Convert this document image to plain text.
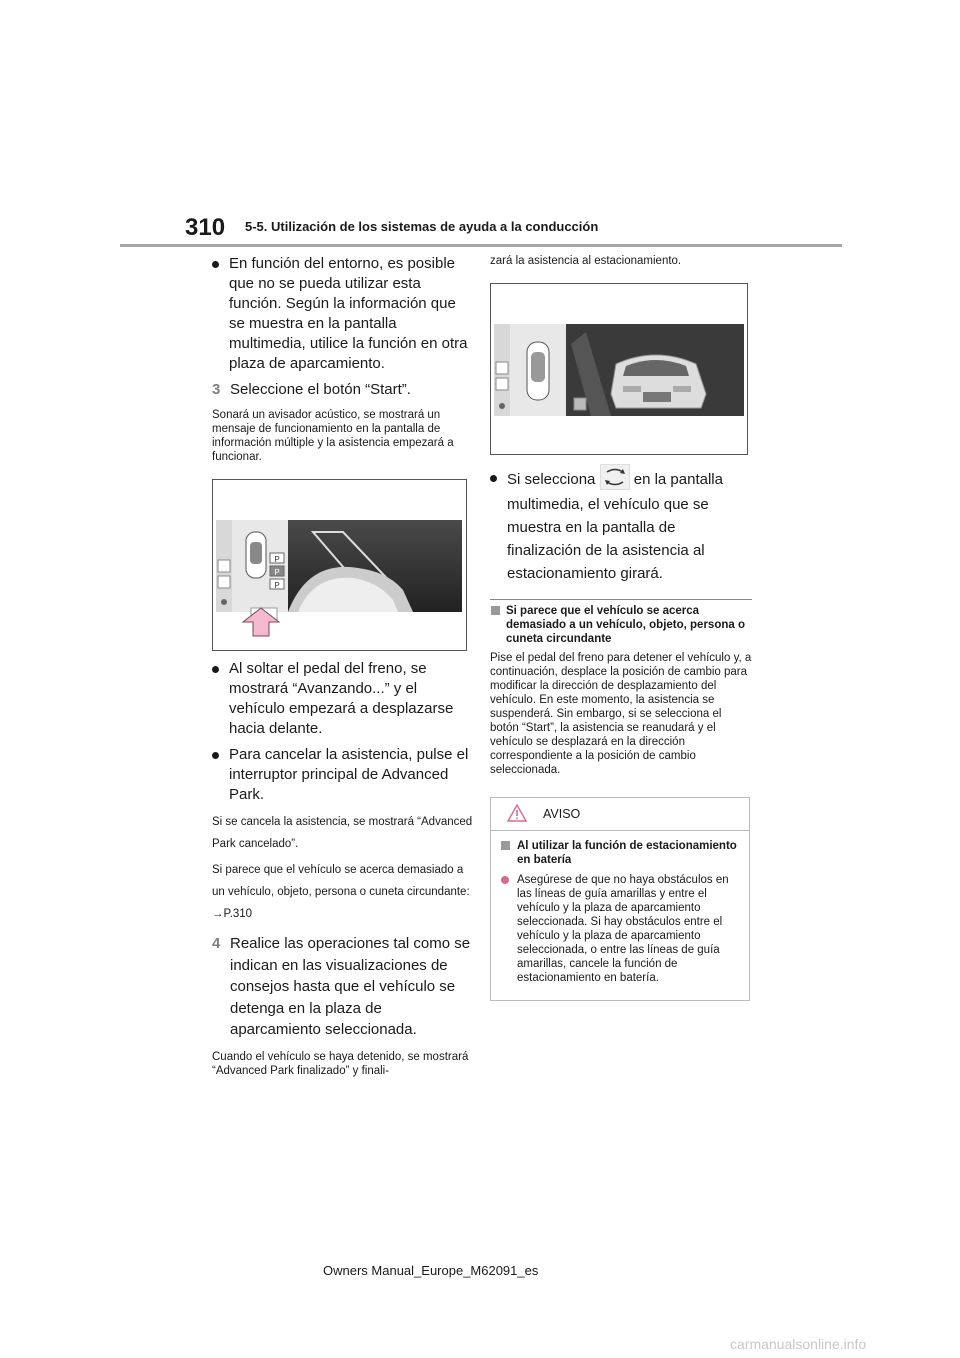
310 5-5. Utilización de los sistemas de ayuda a la conducción

En función del entorno, es posible que no se pueda utilizar esta función. Según la información que se muestra en la pantalla multimedia, utilice la función en otra plaza de aparcamiento.

3 Seleccione el botón “Start”.

Sonará un avisador acústico, se mostrará un mensaje de funcionamiento en la pantalla de información múltiple y la asistencia empezará a funcionar.

P
P
P

Al soltar el pedal del freno, se mostrará “Avanzando...” y el vehículo empezará a desplazarse hacia delante.

Para cancelar la asistencia, pulse el interruptor principal de Advanced Park.

Si se cancela la asistencia, se mostrará “Advanced Park cancelado”.

Si parece que el vehículo se acerca demasiado a un vehículo, objeto, persona o cuneta circundante: →P.310

4 Realice las operaciones tal como se indican en las visualizaciones de consejos hasta que el vehículo se detenga en la plaza de aparcamiento seleccionada.

Cuando el vehículo se haya detenido, se mostrará “Advanced Park finalizado” y finali-

zará la asistencia al estacionamiento.

Si selecciona	en la pantalla multimedia, el vehículo que se muestra en la pantalla de finalización de la asistencia al estacionamiento girará.

Si parece que el vehículo se acerca demasiado a un vehículo, objeto, persona o cuneta circundante

Pise el pedal del freno para detener el vehículo y, a continuación, desplace la posición de cambio para modificar la dirección de desplazamiento del vehículo. En este momento, la asistencia se suspenderá. Sin embargo, si se selecciona el botón “Start”, la asistencia se reanudará y el vehículo se desplazará en la dirección correspondiente a la posición de cambio seleccionada.

AVISO

Al utilizar la función de estacionamiento en batería

Asegúrese de que no haya obstáculos en las líneas de guía amarillas y entre el vehículo y la plaza de aparcamiento seleccionada. Si hay obstáculos entre el vehículo y la plaza de aparcamiento seleccionada, o entre las líneas de guía amarillas, cancele la función de estacionamiento en batería.

Owners Manual_Europe_M62091_es
carmanualsonline.info
